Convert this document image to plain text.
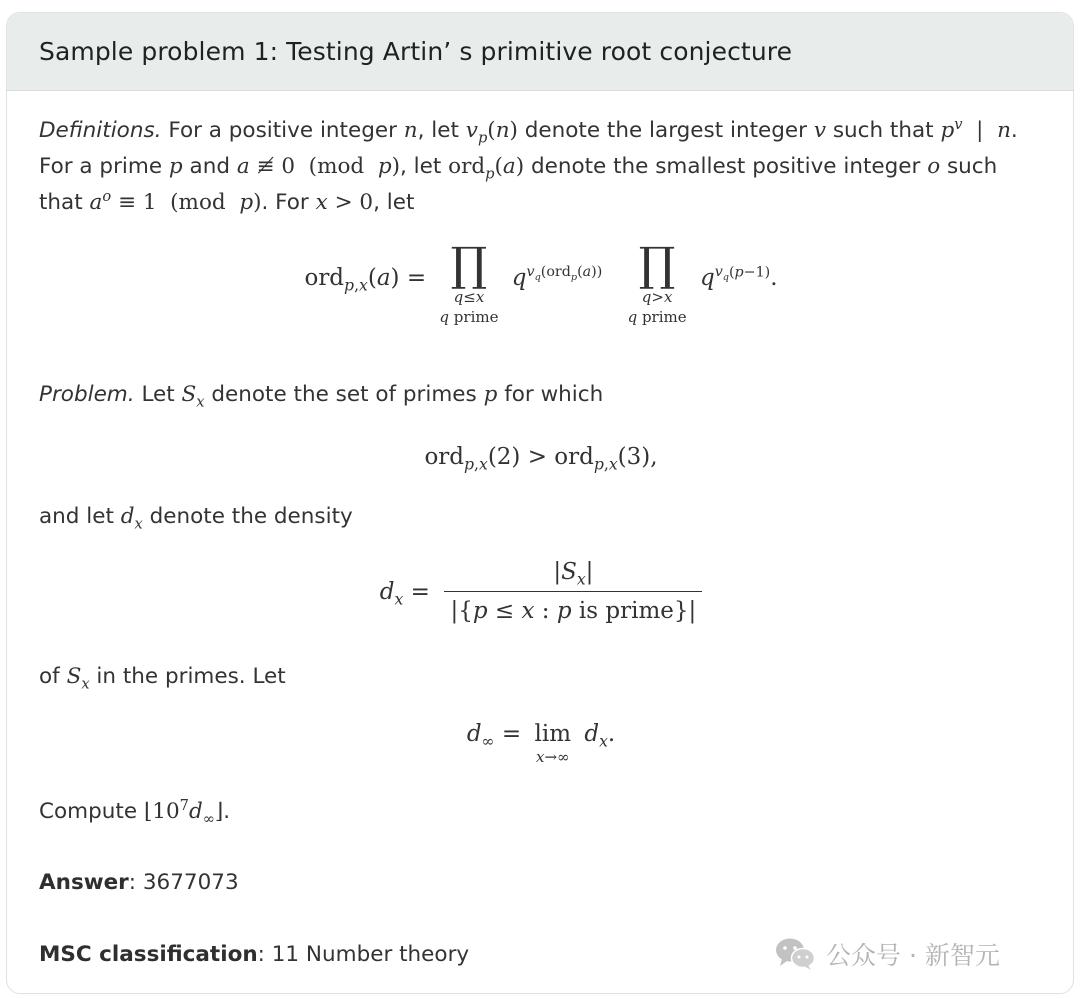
Sample problem 1: Testing Artin’ s primitive root conjecture
Definitions. For a positive integer n, let $v_p(n)$ denote the largest integer v such that $p^v$  |  n.
For a prime p and a ≢ 0  (mod  p), let ord$_p$(a) denote the smallest positive integer o such
that $a^o \equiv 1$  (mod  p). For x > 0, let
ord$_{p,x}$(a) = ∏
q≤x
q prime
$q^{v_q(ord_p(a))}$ ∏
q>x
q prime
$q^{v_q(p-1)}$.
Problem. Let $S_x$ denote the set of primes p for which
ord$_{p,x}$(2) > ord$_{p,x}$(3),
and let $d_x$ denote the density
$d_x = \frac{|S_x|}{\text{|\{p ≤ x : p is prime\}|}}$
of $S_x$ in the primes. Let
$d_\infty = \lim$
x→∞
$d_x$.
Compute $⌊10^7d_\infty⌋$.
Answer: 3677073
MSC classification: 11 Number theory	公众号 · 新智元
